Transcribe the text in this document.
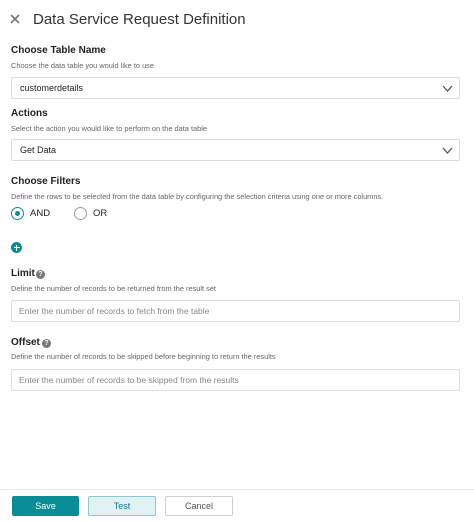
Data Service Request Definition
Choose Table Name
Choose the data table you would like to use
customerdetails
Actions
Select the action you would like to perform on the data table
Get Data
Choose Filters
Define the rows to be selected from the data table by configuring the selection criteria using one or more columns.
AND	OR
Limit ?
Define the number of records to be returned from the result set
Enter the number of records to fetch from the table
Offset ?
Define the number of records to be skipped before beginning to return the results
Enter the number of records to be skipped from the results
Save	Test	Cancel
